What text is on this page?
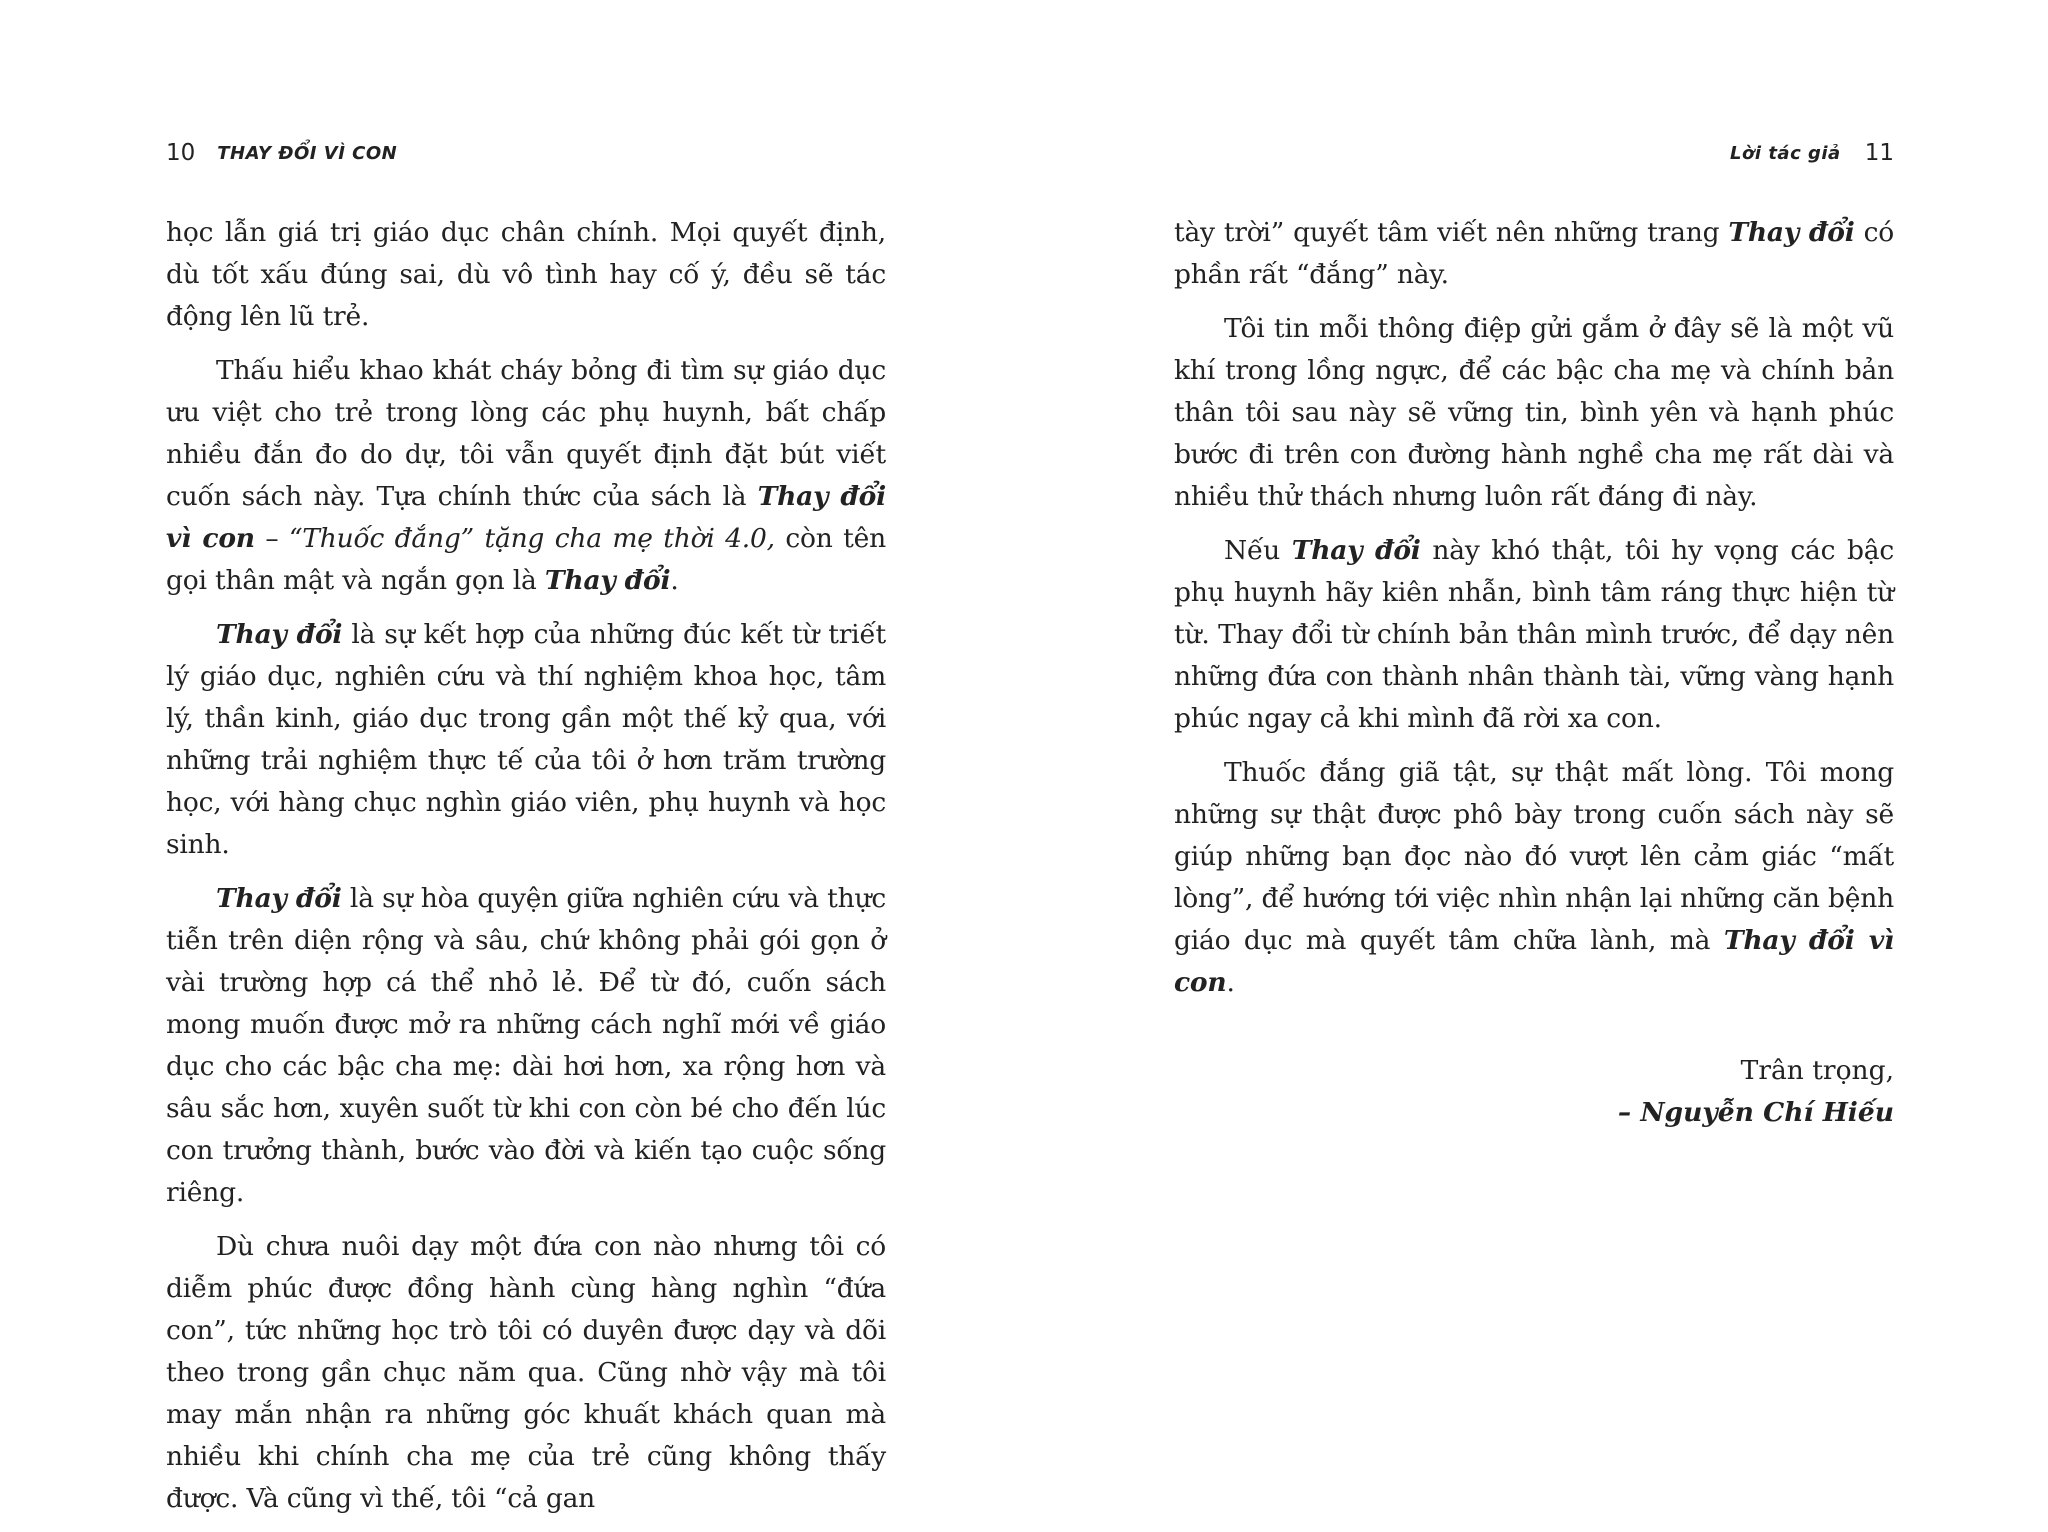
10 THAY ĐỔI VÌ CON

học lẫn giá trị giáo dục chân chính. Mọi quyết định, dù tốt xấu đúng sai, dù vô tình hay cố ý, đều sẽ tác động lên lũ trẻ.

Thấu hiểu khao khát cháy bỏng đi tìm sự giáo dục ưu việt cho trẻ trong lòng các phụ huynh, bất chấp nhiều đắn đo do dự, tôi vẫn quyết định đặt bút viết cuốn sách này. Tựa chính thức của sách là Thay đổi vì con – “Thuốc đắng” tặng cha mẹ thời 4.0, còn tên gọi thân mật và ngắn gọn là Thay đổi.

Thay đổi là sự kết hợp của những đúc kết từ triết lý giáo dục, nghiên cứu và thí nghiệm khoa học, tâm lý, thần kinh, giáo dục trong gần một thế kỷ qua, với những trải nghiệm thực tế của tôi ở hơn trăm trường học, với hàng chục nghìn giáo viên, phụ huynh và học sinh.

Thay đổi là sự hòa quyện giữa nghiên cứu và thực tiễn trên diện rộng và sâu, chứ không phải gói gọn ở vài trường hợp cá thể nhỏ lẻ. Để từ đó, cuốn sách mong muốn được mở ra những cách nghĩ mới về giáo dục cho các bậc cha mẹ: dài hơi hơn, xa rộng hơn và sâu sắc hơn, xuyên suốt từ khi con còn bé cho đến lúc con trưởng thành, bước vào đời và kiến tạo cuộc sống riêng.

Dù chưa nuôi dạy một đứa con nào nhưng tôi có diễm phúc được đồng hành cùng hàng nghìn “đứa con”, tức những học trò tôi có duyên được dạy và dõi theo trong gần chục năm qua. Cũng nhờ vậy mà tôi may mắn nhận ra những góc khuất khách quan mà nhiều khi chính cha mẹ của trẻ cũng không thấy được. Và cũng vì thế, tôi “cả gan

Lời tác giả 11

tày trời” quyết tâm viết nên những trang Thay đổi có phần rất “đắng” này.

Tôi tin mỗi thông điệp gửi gắm ở đây sẽ là một vũ khí trong lồng ngực, để các bậc cha mẹ và chính bản thân tôi sau này sẽ vững tin, bình yên và hạnh phúc bước đi trên con đường hành nghề cha mẹ rất dài và nhiều thử thách nhưng luôn rất đáng đi này.

Nếu Thay đổi này khó thật, tôi hy vọng các bậc phụ huynh hãy kiên nhẫn, bình tâm ráng thực hiện từ từ. Thay đổi từ chính bản thân mình trước, để dạy nên những đứa con thành nhân thành tài, vững vàng hạnh phúc ngay cả khi mình đã rời xa con.

Thuốc đắng giã tật, sự thật mất lòng. Tôi mong những sự thật được phô bày trong cuốn sách này sẽ giúp những bạn đọc nào đó vượt lên cảm giác “mất lòng”, để hướng tới việc nhìn nhận lại những căn bệnh giáo dục mà quyết tâm chữa lành, mà Thay đổi vì con.

Trân trọng,
– Nguyễn Chí Hiếu
